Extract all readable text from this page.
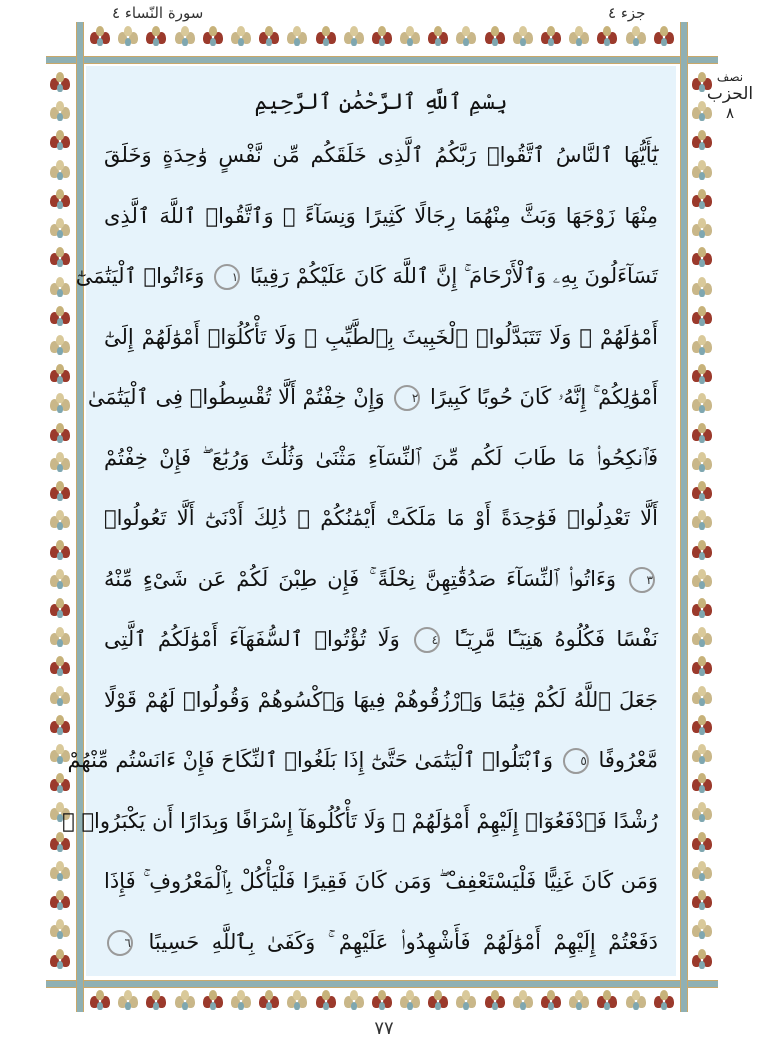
سورة النّساء ٤	جزء ٤
بِسْمِ ٱللَّهِ ٱلرَّحْمَٰنِ ٱلرَّحِيمِ
يَٰٓأَيُّهَا ٱلنَّاسُ ٱتَّقُوا۟ رَبَّكُمُ ٱلَّذِى خَلَقَكُم مِّن نَّفْسٍ وَٰحِدَةٍ وَخَلَقَ
مِنْهَا زَوْجَهَا وَبَثَّ مِنْهُمَا رِجَالًا كَثِيرًا وَنِسَآءً ۚ وَٱتَّقُوا۟ ٱللَّهَ ٱلَّذِى
تَسَآءَلُونَ بِهِۦ وَٱلْأَرْحَامَ ۚ إِنَّ ٱللَّهَ كَانَ عَلَيْكُمْ رَقِيبًا ١ وَءَاتُوا۟ ٱلْيَتَٰمَىٰٓ
أَمْوَٰلَهُمْ ۖ وَلَا تَتَبَدَّلُوا۟ ٱلْخَبِيثَ بِٱلطَّيِّبِ ۖ وَلَا تَأْكُلُوٓا۟ أَمْوَٰلَهُمْ إِلَىٰٓ
أَمْوَٰلِكُمْ ۚ إِنَّهُۥ كَانَ حُوبًا كَبِيرًا ٢ وَإِنْ خِفْتُمْ أَلَّا تُقْسِطُوا۟ فِى ٱلْيَتَٰمَىٰ
فَٱنكِحُوا۟ مَا طَابَ لَكُم مِّنَ ٱلنِّسَآءِ مَثْنَىٰ وَثُلَٰثَ وَرُبَٰعَ ۖ فَإِنْ خِفْتُمْ
أَلَّا تَعْدِلُوا۟ فَوَٰحِدَةً أَوْ مَا مَلَكَتْ أَيْمَٰنُكُمْ ۚ ذَٰلِكَ أَدْنَىٰٓ أَلَّا تَعُولُوا۟
٣ وَءَاتُوا۟ ٱلنِّسَآءَ صَدُقَٰتِهِنَّ نِحْلَةً ۚ فَإِن طِبْنَ لَكُمْ عَن شَىْءٍ مِّنْهُ
نَفْسًا فَكُلُوهُ هَنِيٓـًٔا مَّرِيٓـًٔا ٤ وَلَا تُؤْتُوا۟ ٱلسُّفَهَآءَ أَمْوَٰلَكُمُ ٱلَّتِى
جَعَلَ ٱللَّهُ لَكُمْ قِيَٰمًا وَٱرْزُقُوهُمْ فِيهَا وَٱكْسُوهُمْ وَقُولُوا۟ لَهُمْ قَوْلًا
مَّعْرُوفًا ٥ وَٱبْتَلُوا۟ ٱلْيَتَٰمَىٰ حَتَّىٰٓ إِذَا بَلَغُوا۟ ٱلنِّكَاحَ فَإِنْ ءَانَسْتُم مِّنْهُمْ
رُشْدًا فَٱدْفَعُوٓا۟ إِلَيْهِمْ أَمْوَٰلَهُمْ ۖ وَلَا تَأْكُلُوهَآ إِسْرَافًا وَبِدَارًا أَن يَكْبَرُوا۟ ۚ
وَمَن كَانَ غَنِيًّا فَلْيَسْتَعْفِفْ ۖ وَمَن كَانَ فَقِيرًا فَلْيَأْكُلْ بِٱلْمَعْرُوفِ ۚ فَإِذَا
دَفَعْتُمْ إِلَيْهِمْ أَمْوَٰلَهُمْ فَأَشْهِدُوا۟ عَلَيْهِمْ ۚ وَكَفَىٰ بِٱللَّهِ حَسِيبًا ٦
نصف
الحزب
٨
٧٧
